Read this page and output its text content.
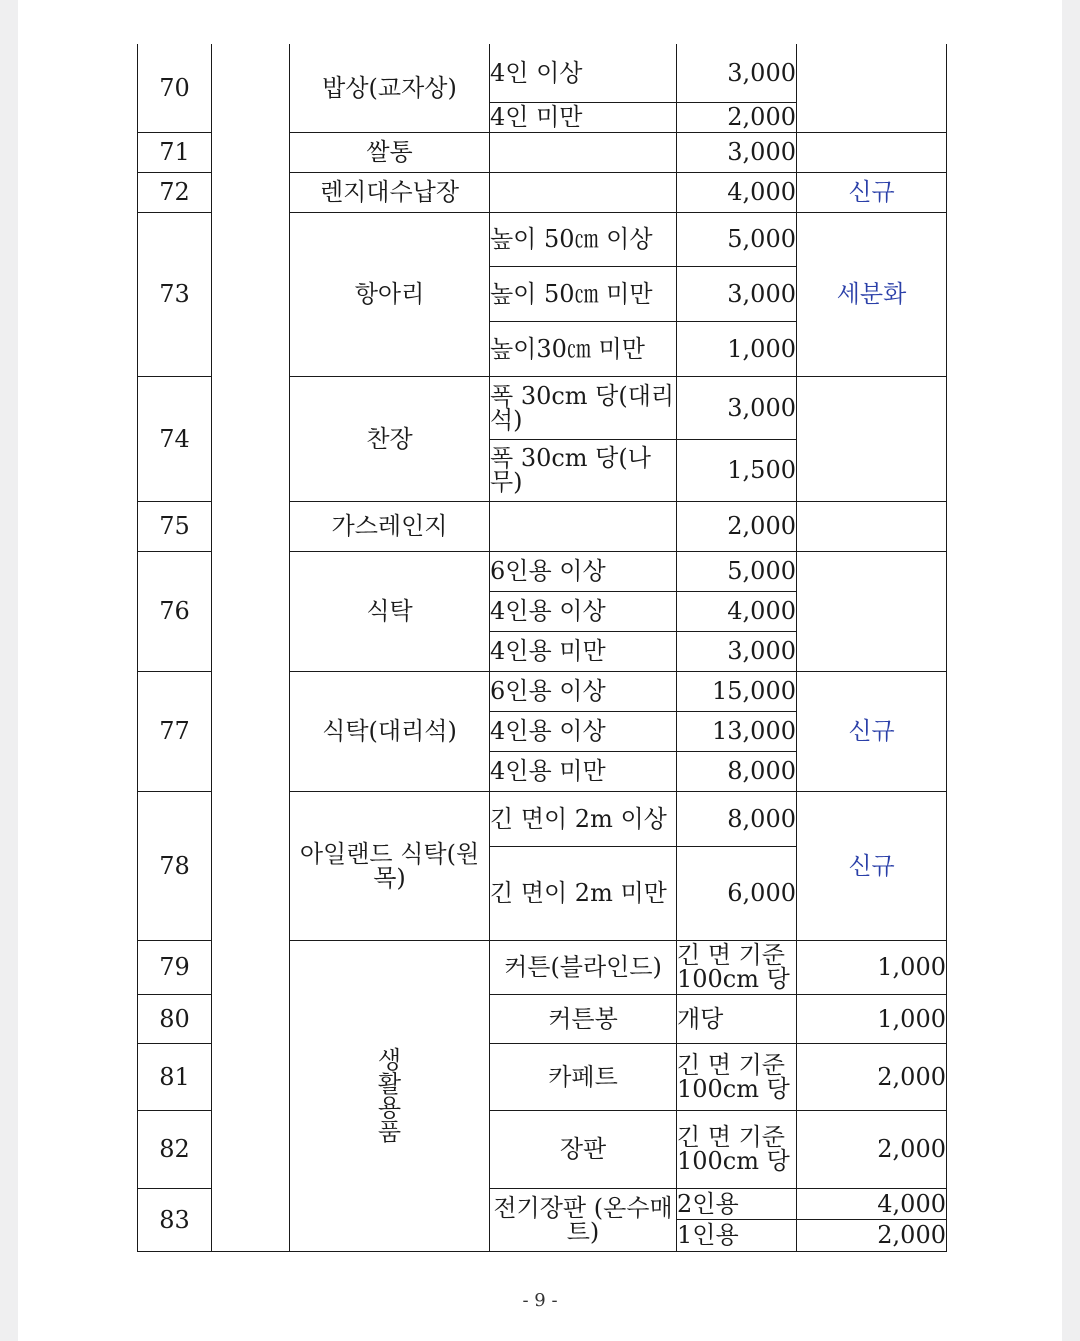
70		밥상(교자상)	4인 이상	3,000		
			4인 미만	2,000		
71		쌀통		3,000		
72		렌지대수납장		4,000	신규	
73		항아리	높이 50㎝ 이상	5,000	세분화	
			높이 50㎝ 미만	3,000		
			높이30㎝ 미만	1,000		
74		찬장	폭 30cm 당(대리석)	3,000		
			폭 30cm 당(나무)	1,500		
75		가스레인지		2,000		
76		식탁	6인용 이상	5,000		
			4인용 이상	4,000		
			4인용 미만	3,000		
77		식탁(대리석)	6인용 이상	15,000	신규	
			4인용 이상	13,000		
			4인용 미만	8,000		
78		아일랜드 식탁(원목)	긴 면이 2m 이상	8,000	신규	
			긴 면이 2m 미만	6,000		
79		생활용품	커튼(블라인드)	긴 면 기준 100cm 당	1,000	
80			커튼봉	개당	1,000	
81			카페트	긴 면 기준 100cm 당	2,000	
82			장판	긴 면 기준 100cm 당	2,000	
83			전기장판 (온수매트)	2인용	4,000	
				1인용	2,000	
- 9 -
